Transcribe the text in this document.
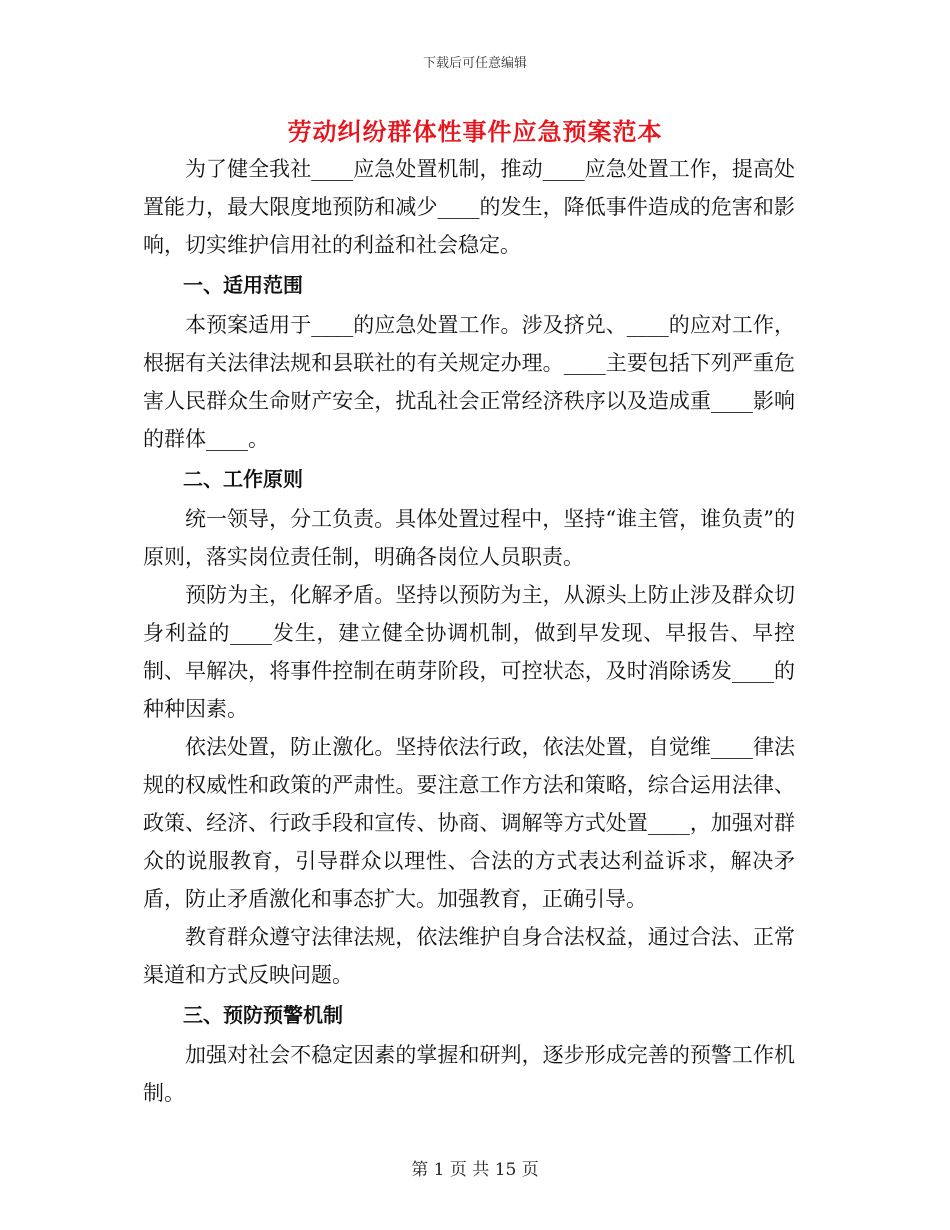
下载后可任意编辑
劳动纠纷群体性事件应急预案范本

为了健全我社____应急处置机制，推动____应急处置工作，提高处置能力，最大限度地预防和减少____的发生，降低事件造成的危害和影响，切实维护信用社的利益和社会稳定。

一、适用范围

本预案适用于____的应急处置工作。涉及挤兑、____的应对工作，根据有关法律法规和县联社的有关规定办理。____主要包括下列严重危害人民群众生命财产安全，扰乱社会正常经济秩序以及造成重____影响的群体____。

二、工作原则

统一领导，分工负责。具体处置过程中，坚持“谁主管，谁负责”的原则，落实岗位责任制，明确各岗位人员职责。

预防为主，化解矛盾。坚持以预防为主，从源头上防止涉及群众切身利益的____发生，建立健全协调机制，做到早发现、早报告、早控制、早解决，将事件控制在萌芽阶段，可控状态，及时消除诱发____的种种因素。

依法处置，防止激化。坚持依法行政，依法处置，自觉维____律法规的权威性和政策的严肃性。要注意工作方法和策略，综合运用法律、政策、经济、行政手段和宣传、协商、调解等方式处置____，加强对群众的说服教育，引导群众以理性、合法的方式表达利益诉求，解决矛盾，防止矛盾激化和事态扩大。加强教育，正确引导。

教育群众遵守法律法规，依法维护自身合法权益，通过合法、正常渠道和方式反映问题。

三、预防预警机制

加强对社会不稳定因素的掌握和研判，逐步形成完善的预警工作机制。

第 1 页 共 15 页
